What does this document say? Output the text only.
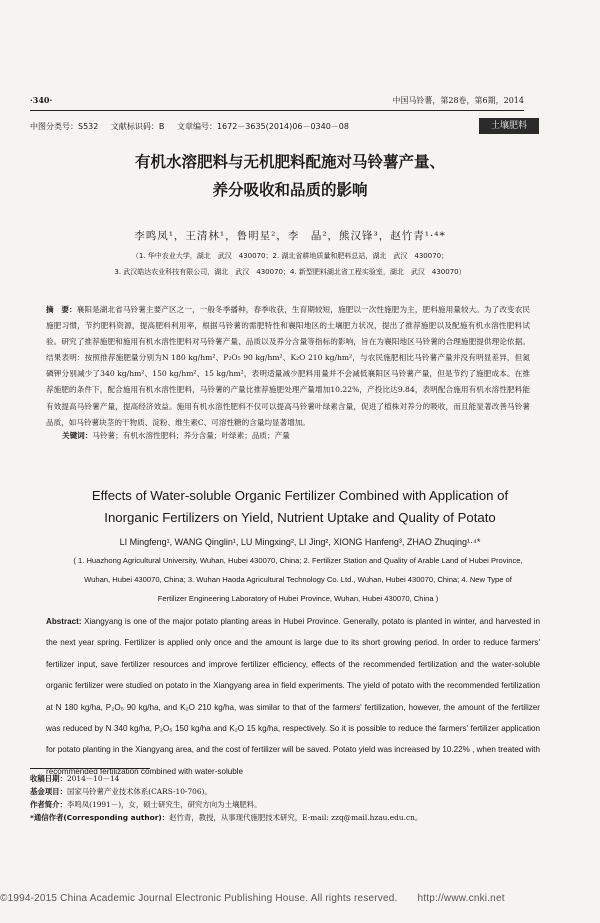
·340·	中国马铃薯，第28卷，第6期，2014
中图分类号：S532 文献标识码：B 文章编号：1672－3635(2014)06－0340－08	土壤肥料
有机水溶肥料与无机肥料配施对马铃薯产量、
养分吸收和品质的影响
李鸣凤¹，王清林¹，鲁明星²，李　晶²，熊汉锋³，赵竹青¹·⁴*
（1. 华中农业大学，湖北　武汉　430070；2. 湖北省耕地质量和肥料总站，湖北　武汉　430070；
3. 武汉皓达农业科技有限公司，湖北　武汉　430070；4. 新型肥料湖北省工程实验室，湖北　武汉　430070）
摘　要：襄阳是湖北省马铃薯主要产区之一，一般冬季播种，春季收获，生育期较短，施肥以一次性施肥为主，肥料施用量较大。为了改变农民施肥习惯，节约肥料资源，提高肥料利用率，根据马铃薯的需肥特性和襄阳地区的土壤肥力状况，提出了推荐施肥以及配施有机水溶性肥料试验。研究了推荐施肥和施用有机水溶性肥料对马铃薯产量、品质以及养分含量等指标的影响，旨在为襄阳地区马铃薯的合理施肥提供理论依据。结果表明：按照推荐施肥量分别为N 180 kg/hm²、P₂O₅ 90 kg/hm²、K₂O 210 kg/hm²，与农民施肥相比马铃薯产量并没有明显差异，但氮磷钾分别减少了340 kg/hm²、150 kg/hm²、15 kg/hm²，表明适量减少肥料用量并不会减低襄阳区马铃薯产量，但是节约了施肥成本。在推荐施肥的条件下，配合施用有机水溶性肥料，马铃薯的产量比推荐施肥处理产量增加10.22%，产投比达9.84，表明配合施用有机水溶性肥料能有效提高马铃薯产量，提高经济效益。施用有机水溶性肥料不仅可以提高马铃薯叶绿素含量，促进了植株对养分的吸收，而且能显著改善马铃薯品质，如马铃薯块茎的干物质、淀粉、维生素C、可溶性糖的含量均显著增加。
关键词：马铃薯；有机水溶性肥料；养分含量；叶绿素；品质；产量
Effects of Water-soluble Organic Fertilizer Combined with Application of
Inorganic Fertilizers on Yield, Nutrient Uptake and Quality of Potato
LI Mingfeng¹, WANG Qinglin¹, LU Mingxing², LI Jing², XIONG Hanfeng³, ZHAO Zhuqing¹·⁴*
( 1. Huazhong Agricultural University, Wuhan, Hubei 430070, China; 2. Fertilizer Station and Quality of Arable Land of Hubei Province,
Wuhan, Hubei 430070, China; 3. Wuhan Haoda Agricultural Technology Co. Ltd., Wuhan, Hubei 430070, China; 4. New Type of
Fertilizer Engineering Laboratory of Hubei Province, Wuhan, Hubei 430070, China )
Abstract: Xiangyang is one of the major potato planting areas in Hubei Province. Generally, potato is planted in winter, and harvested in the next year spring. Fertilizer is applied only once and the amount is large due to its short growing period. In order to reduce farmers' fertilizer input, save fertilizer resources and improve fertilizer efficiency, effects of the recommended fertilization and the water-soluble organic fertilizer were studied on potato in the Xiangyang area in field experiments. The yield of potato with the recommended fertilization at N 180 kg/ha, P₂O₅ 90 kg/ha, and K₂O 210 kg/ha, was similar to that of the farmers' fertilization, however, the amount of the fertilizer was reduced by N 340 kg/ha, P₂O₅ 150 kg/ha and K₂O 15 kg/ha, respectively. So it is possible to reduce the farmers' fertilizer application for potato planting in the Xiangyang area, and the cost of fertilizer will be saved. Potato yield was increased by 10.22% , when treated with recommended fertilization combined with water-soluble
收稿日期：2014－10－14
基金项目：国家马铃薯产业技术体系(CARS-10-706)。
作者简介：李鸣凤(1991－)，女，硕士研究生，研究方向为土壤肥料。
*通信作者(Corresponding author)：赵竹青，教授，从事现代施肥技术研究，E-mail: zzq@mail.hzau.edu.cn。
©1994-2015 China Academic Journal Electronic Publishing House. All rights reserved. http://www.cnki.net
